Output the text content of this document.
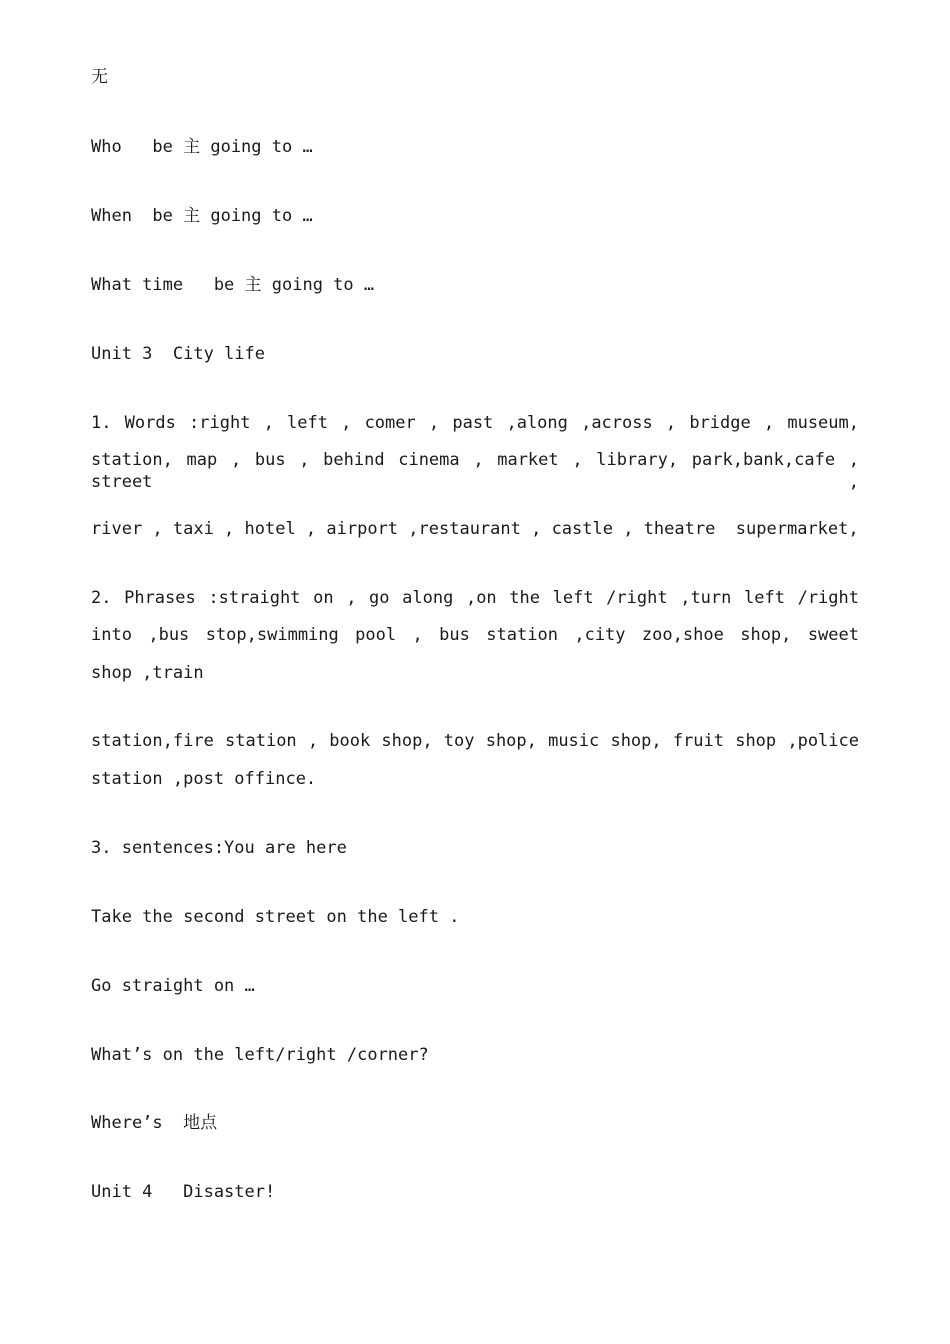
无
Who   be 主 going to …
When  be 主 going to …
What time   be 主 going to …
Unit 3  City life
1. Words :right , left , comer , past ,along ,across , bridge , museum,
station, map , bus , behind cinema , market , library, park,bank,cafe , street ,
river , taxi , hotel , airport ,restaurant , castle , theatre  supermarket,
2. Phrases :straight on , go along ,on the left /right ,turn left /right
into ,bus stop,swimming pool , bus station ,city zoo,shoe shop, sweet
shop ,train
station,fire station , book shop, toy shop, music shop, fruit shop ,police
station ,post offince.
3. sentences:You are here
Take the second street on the left .
Go straight on …
What’s on the left/right /corner?
Where’s  地点
Unit 4   Disaster!
